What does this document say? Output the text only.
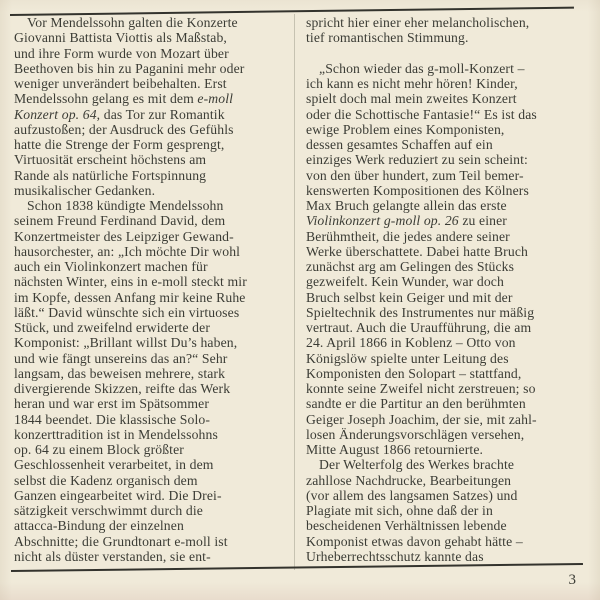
Vor Mendelssohn galten die Konzerte
Giovanni Battista Viottis als Maßstab,
und ihre Form wurde von Mozart über
Beethoven bis hin zu Paganini mehr oder
weniger unverändert beibehalten. Erst
Mendelssohn gelang es mit dem e-moll
Konzert op. 64, das Tor zur Romantik
aufzustoßen; der Ausdruck des Gefühls
hatte die Strenge der Form gesprengt,
Virtuosität erscheint höchstens am
Rande als natürliche Fortspinnung
musikalischer Gedanken.
Schon 1838 kündigte Mendelssohn
seinem Freund Ferdinand David, dem
Konzertmeister des Leipziger Gewand-
hausorchester, an: „Ich möchte Dir wohl
auch ein Violinkonzert machen für
nächsten Winter, eins in e-moll steckt mir
im Kopfe, dessen Anfang mir keine Ruhe
läßt.“ David wünschte sich ein virtuoses
Stück, und zweifelnd erwiderte der
Komponist: „Brillant willst Du’s haben,
und wie fängt unsereins das an?“ Sehr
langsam, das beweisen mehrere, stark
divergierende Skizzen, reifte das Werk
heran und war erst im Spätsommer
1844 beendet. Die klassische Solo-
konzerttradition ist in Mendelssohns
op. 64 zu einem Block größter
Geschlossenheit verarbeitet, in dem
selbst die Kadenz organisch dem
Ganzen eingearbeitet wird. Die Drei-
sätzigkeit verschwimmt durch die
attacca-Bindung der einzelnen
Abschnitte; die Grundtonart e-moll ist
nicht als düster verstanden, sie ent-
spricht hier einer eher melancholischen,
tief romantischen Stimmung.
„Schon wieder das g-moll-Konzert –
ich kann es nicht mehr hören! Kinder,
spielt doch mal mein zweites Konzert
oder die Schottische Fantasie!“ Es ist das
ewige Problem eines Komponisten,
dessen gesamtes Schaffen auf ein
einziges Werk reduziert zu sein scheint:
von den über hundert, zum Teil bemer-
kenswerten Kompositionen des Kölners
Max Bruch gelangte allein das erste
Violinkonzert g-moll op. 26 zu einer
Berühmtheit, die jedes andere seiner
Werke überschattete. Dabei hatte Bruch
zunächst arg am Gelingen des Stücks
gezweifelt. Kein Wunder, war doch
Bruch selbst kein Geiger und mit der
Spieltechnik des Instrumentes nur mäßig
vertraut. Auch die Uraufführung, die am
24. April 1866 in Koblenz – Otto von
Königslöw spielte unter Leitung des
Komponisten den Solopart – stattfand,
konnte seine Zweifel nicht zerstreuen; so
sandte er die Partitur an den berühmten
Geiger Joseph Joachim, der sie, mit zahl-
losen Änderungsvorschlägen versehen,
Mitte August 1866 retournierte.
Der Welterfolg des Werkes brachte
zahllose Nachdrucke, Bearbeitungen
(vor allem des langsamen Satzes) und
Plagiate mit sich, ohne daß der in
bescheidenen Verhältnissen lebende
Komponist etwas davon gehabt hätte –
Urheberrechtsschutz kannte das
3
